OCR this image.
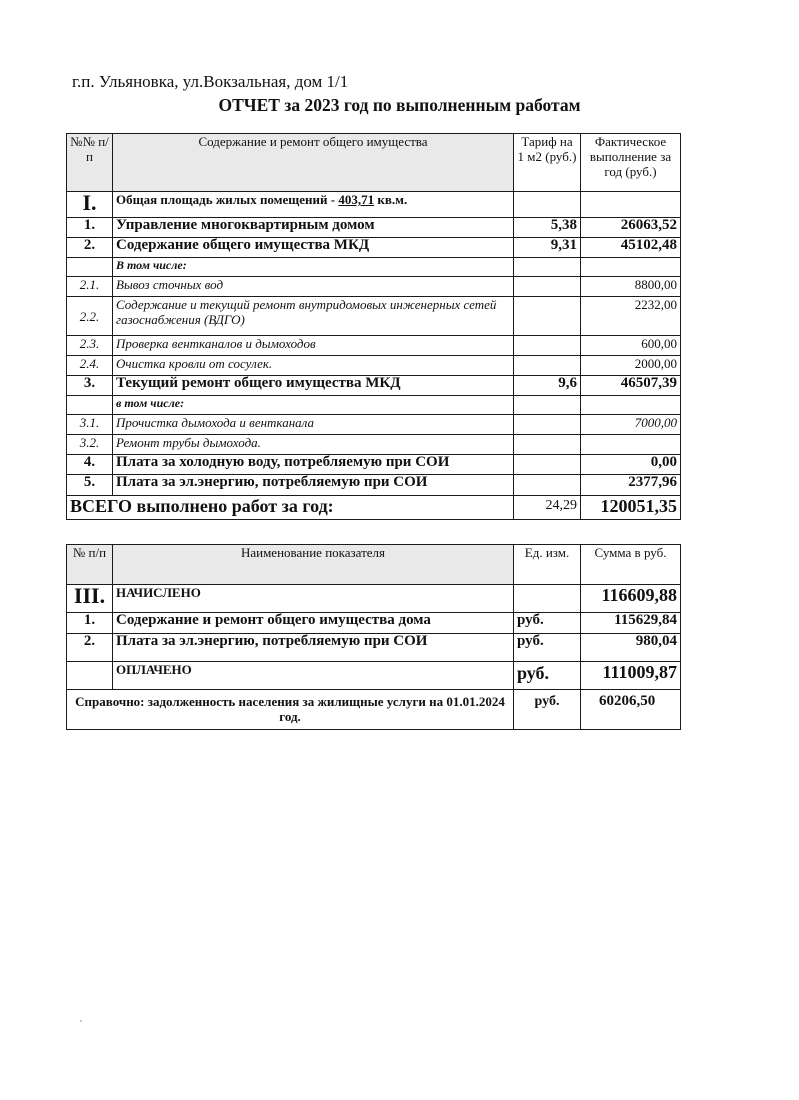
г.п. Ульяновка, ул.Вокзальная, дом 1/1
ОТЧЕТ за 2023 год по выполненным работам
№№ п/п	Содержание и ремонт общего имущества	Тариф на 1 м2 (руб.)	Фактическое выполнение за год (руб.)
I.	Общая площадь жилых помещений - 403,71 кв.м.		
1.	Управление многоквартирным домом	5,38	26063,52
2.	Содержание общего имущества МКД	9,31	45102,48
	В том числе:		
2.1.	Вывоз сточных вод		8800,00
2.2.	Содержание и текущий ремонт внутридомовых инженерных сетей газоснабжения (ВДГО)		2232,00
2.3.	Проверка вентканалов и дымоходов		600,00
2.4.	Очистка кровли от сосулек.		2000,00
3.	Текущий ремонт общего имущества МКД	9,6	46507,39
	в том числе:		
3.1.	Прочистка дымохода и вентканала		7000,00
3.2.	Ремонт трубы дымохода.		
4.	Плата за холодную воду, потребляемую при СОИ		0,00
5.	Плата за эл.энергию, потребляемую при СОИ		2377,96
ВСЕГО выполнено работ за год:		24,29	120051,35
№ п/п	Наименование показателя	Ед. изм.	Сумма в руб.
III.	НАЧИСЛЕНО		116609,88
1.	Содержание и ремонт общего имущества дома	руб.	115629,84
2.	Плата за эл.энергию, потребляемую при СОИ	руб.	980,04
	ОПЛАЧЕНО	руб.	111009,87
Справочно: задолженность населения за жилищные услуги на 01.01.2024 год.		руб.	60206,50
